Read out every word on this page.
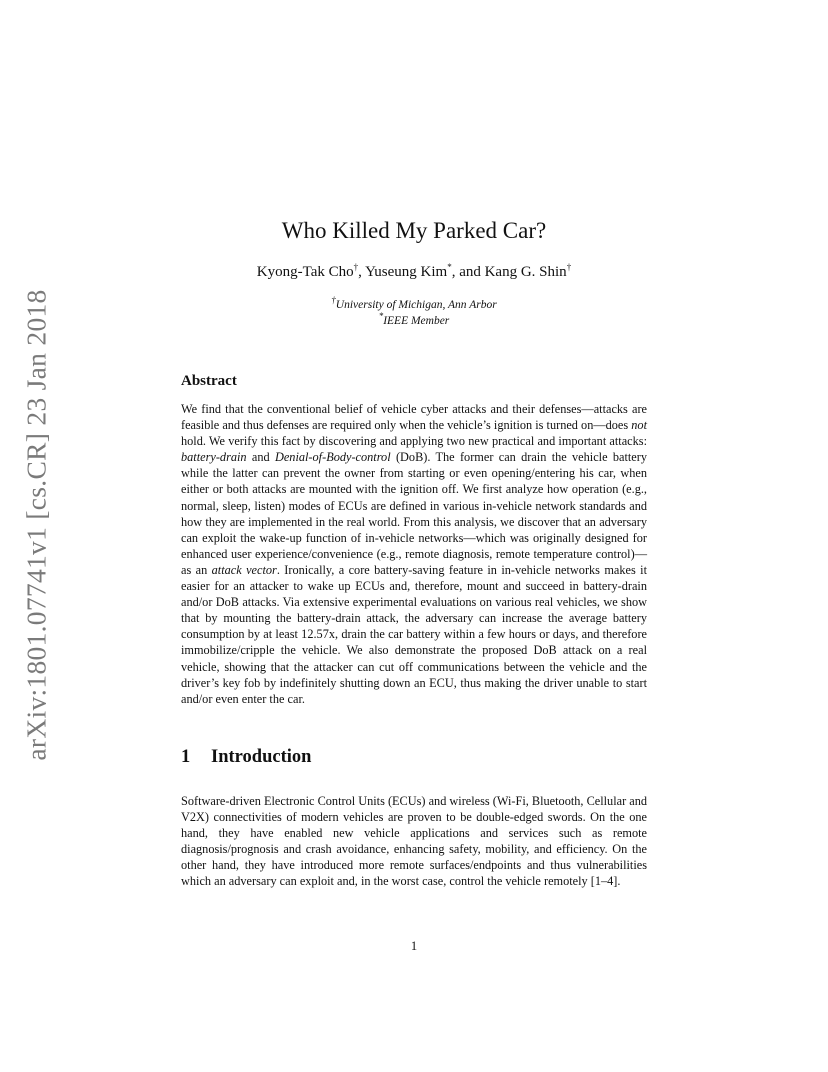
arXiv:1801.07741v1 [cs.CR] 23 Jan 2018
Who Killed My Parked Car?
Kyong-Tak Cho†, Yuseung Kim*, and Kang G. Shin†
†University of Michigan, Ann Arbor
*IEEE Member
Abstract

We find that the conventional belief of vehicle cyber attacks and their defenses—attacks are feasible and thus defenses are required only when the vehicle’s ignition is turned on—does not hold. We verify this fact by discovering and applying two new practical and important attacks: battery-drain and Denial-of-Body-control (DoB). The former can drain the vehicle battery while the latter can prevent the owner from starting or even opening/entering his car, when either or both attacks are mounted with the ignition off. We first analyze how operation (e.g., normal, sleep, listen) modes of ECUs are defined in various in-vehicle network standards and how they are implemented in the real world. From this analysis, we discover that an adversary can exploit the wake-up function of in-vehicle networks—which was originally designed for enhanced user experience/convenience (e.g., remote diagnosis, remote temperature control)—as an attack vector. Ironically, a core battery-saving feature in in-vehicle networks makes it easier for an attacker to wake up ECUs and, therefore, mount and succeed in battery-drain and/or DoB attacks. Via extensive experimental evaluations on various real vehicles, we show that by mounting the battery-drain attack, the adversary can increase the average battery consumption by at least 12.57x, drain the car battery within a few hours or days, and therefore immobilize/cripple the vehicle. We also demonstrate the proposed DoB attack on a real vehicle, showing that the attacker can cut off communications between the vehicle and the driver’s key fob by indefinitely shutting down an ECU, thus making the driver unable to start and/or even enter the car.

1 Introduction

Software-driven Electronic Control Units (ECUs) and wireless (Wi-Fi, Bluetooth, Cellular and V2X) connectivities of modern vehicles are proven to be double-edged swords. On the one hand, they have enabled new vehicle applications and services such as remote diagnosis/prognosis and crash avoidance, enhancing safety, mobility, and efficiency. On the other hand, they have introduced more remote surfaces/endpoints and thus vulnerabilities which an adversary can exploit and, in the worst case, control the vehicle remotely [1–4].

1
